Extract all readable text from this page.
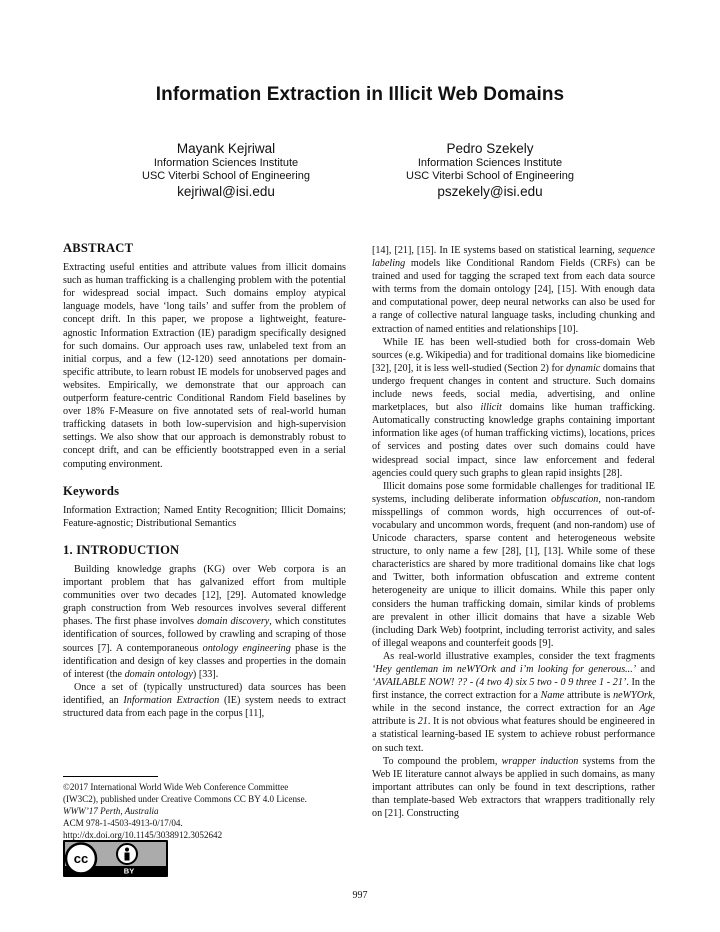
Information Extraction in Illicit Web Domains
Mayank Kejriwal
Information Sciences Institute
USC Viterbi School of Engineering
kejriwal@isi.edu
Pedro Szekely
Information Sciences Institute
USC Viterbi School of Engineering
pszekely@isi.edu
ABSTRACT

Extracting useful entities and attribute values from illicit domains such as human trafficking is a challenging problem with the potential for widespread social impact. Such domains employ atypical language models, have ‘long tails’ and suffer from the problem of concept drift. In this paper, we propose a lightweight, feature-agnostic Information Extraction (IE) paradigm specifically designed for such domains. Our approach uses raw, unlabeled text from an initial corpus, and a few (12-120) seed annotations per domain-specific attribute, to learn robust IE models for unobserved pages and websites. Empirically, we demonstrate that our approach can outperform feature-centric Conditional Random Field baselines by over 18% F-Measure on five annotated sets of real-world human trafficking datasets in both low-supervision and high-supervision settings. We also show that our approach is demonstrably robust to concept drift, and can be efficiently bootstrapped even in a serial computing environment.

Keywords

Information Extraction; Named Entity Recognition; Illicit Domains; Feature-agnostic; Distributional Semantics

1. INTRODUCTION

Building knowledge graphs (KG) over Web corpora is an important problem that has galvanized effort from multiple communities over two decades [12], [29]. Automated knowledge graph construction from Web resources involves several different phases. The first phase involves domain discovery, which constitutes identification of sources, followed by crawling and scraping of those sources [7]. A contemporaneous ontology engineering phase is the identification and design of key classes and properties in the domain of interest (the domain ontology) [33].

Once a set of (typically unstructured) data sources has been identified, an Information Extraction (IE) system needs to extract structured data from each page in the corpus [11],

[14], [21], [15]. In IE systems based on statistical learning, sequence labeling models like Conditional Random Fields (CRFs) can be trained and used for tagging the scraped text from each data source with terms from the domain ontology [24], [15]. With enough data and computational power, deep neural networks can also be used for a range of collective natural language tasks, including chunking and extraction of named entities and relationships [10].

While IE has been well-studied both for cross-domain Web sources (e.g. Wikipedia) and for traditional domains like biomedicine [32], [20], it is less well-studied (Section 2) for dynamic domains that undergo frequent changes in content and structure. Such domains include news feeds, social media, advertising, and online marketplaces, but also illicit domains like human trafficking. Automatically constructing knowledge graphs containing important information like ages (of human trafficking victims), locations, prices of services and posting dates over such domains could have widespread social impact, since law enforcement and federal agencies could query such graphs to glean rapid insights [28].

Illicit domains pose some formidable challenges for traditional IE systems, including deliberate information obfuscation, non-random misspellings of common words, high occurrences of out-of-vocabulary and uncommon words, frequent (and non-random) use of Unicode characters, sparse content and heterogeneous website structure, to only name a few [28], [1], [13]. While some of these characteristics are shared by more traditional domains like chat logs and Twitter, both information obfuscation and extreme content heterogeneity are unique to illicit domains. While this paper only considers the human trafficking domain, similar kinds of problems are prevalent in other illicit domains that have a sizable Web (including Dark Web) footprint, including terrorist activity, and sales of illegal weapons and counterfeit goods [9].

As real-world illustrative examples, consider the text fragments ‘Hey gentleman im neWYOrk and i’m looking for generous...’ and ‘AVAILABLE NOW! ?? - (4 two 4) six 5 two - 0 9 three 1 - 21’. In the first instance, the correct extraction for a Name attribute is neWYOrk, while in the second instance, the correct extraction for an Age attribute is 21. It is not obvious what features should be engineered in a statistical learning-based IE system to achieve robust performance on such text.

To compound the problem, wrapper induction systems from the Web IE literature cannot always be applied in such domains, as many important attributes can only be found in text descriptions, rather than template-based Web extractors that wrappers traditionally rely on [21]. Constructing

©2017 International World Wide Web Conference Committee
(IW3C2), published under Creative Commons CC BY 4.0 License.
WWW’17 Perth, Australia
ACM 978-1-4503-4913-0/17/04.
http://dx.doi.org/10.1145/3038912.3052642
cc
BY
997
